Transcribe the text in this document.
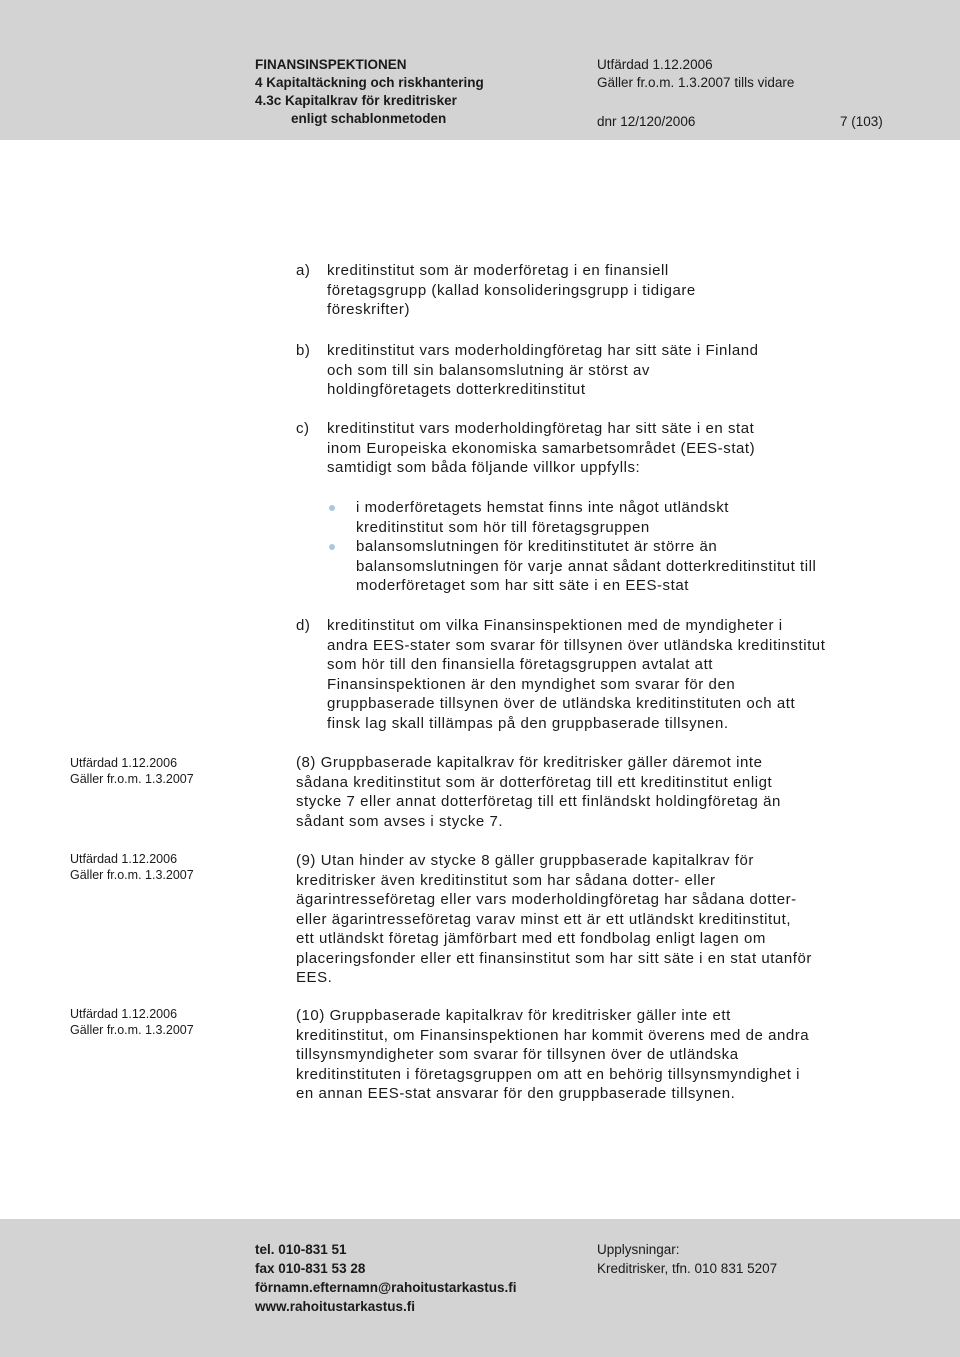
FINANSINSPEKTIONEN
4 Kapitaltäckning och riskhantering
4.3c Kapitalkrav för kreditrisker
enligt schablonmetoden
Utfärdad 1.12.2006
Gäller fr.o.m. 1.3.2007 tills vidare
dnr 12/120/2006	7 (103)
a) kreditinstitut som är moderföretag i en finansiell
företagsgrupp (kallad konsolideringsgrupp i tidigare
föreskrifter)
b) kreditinstitut vars moderholdingföretag har sitt säte i Finland
och som till sin balansomslutning är störst av
holdingföretagets dotterkreditinstitut
c) kreditinstitut vars moderholdingföretag har sitt säte i en stat
inom Europeiska ekonomiska samarbetsområdet (EES-stat)
samtidigt som båda följande villkor uppfylls:
i moderföretagets hemstat finns inte något utländskt
kreditinstitut som hör till företagsgruppen
balansomslutningen för kreditinstitutet är större än
balansomslutningen för varje annat sådant dotterkreditinstitut till
moderföretaget som har sitt säte i en EES-stat
d) kreditinstitut om vilka Finansinspektionen med de myndigheter i
andra EES-stater som svarar för tillsynen över utländska kreditinstitut
som hör till den finansiella företagsgruppen avtalat att
Finansinspektionen är den myndighet som svarar för den
gruppbaserade tillsynen över de utländska kreditinstituten och att
finsk lag skall tillämpas på den gruppbaserade tillsynen.
Utfärdad 1.12.2006
Gäller fr.o.m. 1.3.2007
(8) Gruppbaserade kapitalkrav för kreditrisker gäller däremot inte
sådana kreditinstitut som är dotterföretag till ett kreditinstitut enligt
stycke 7 eller annat dotterföretag till ett finländskt holdingföretag än
sådant som avses i stycke 7.
Utfärdad 1.12.2006
Gäller fr.o.m. 1.3.2007
(9) Utan hinder av stycke 8 gäller gruppbaserade kapitalkrav för
kreditrisker även kreditinstitut som har sådana dotter- eller
ägarintresseföretag eller vars moderholdingföretag har sådana dotter-
eller ägarintresseföretag varav minst ett är ett utländskt kreditinstitut,
ett utländskt företag jämförbart med ett fondbolag enligt lagen om
placeringsfonder eller ett finansinstitut som har sitt säte i en stat utanför
EES.
Utfärdad 1.12.2006
Gäller fr.o.m. 1.3.2007
(10) Gruppbaserade kapitalkrav för kreditrisker gäller inte ett
kreditinstitut, om Finansinspektionen har kommit överens med de andra
tillsynsmyndigheter som svarar för tillsynen över de utländska
kreditinstituten i företagsgruppen om att en behörig tillsynsmyndighet i
en annan EES-stat ansvarar för den gruppbaserade tillsynen.
tel. 010-831 51
fax 010-831 53 28
förnamn.efternamn@rahoitustarkastus.fi
www.rahoitustarkastus.fi
Upplysningar:
Kreditrisker, tfn. 010 831 5207
